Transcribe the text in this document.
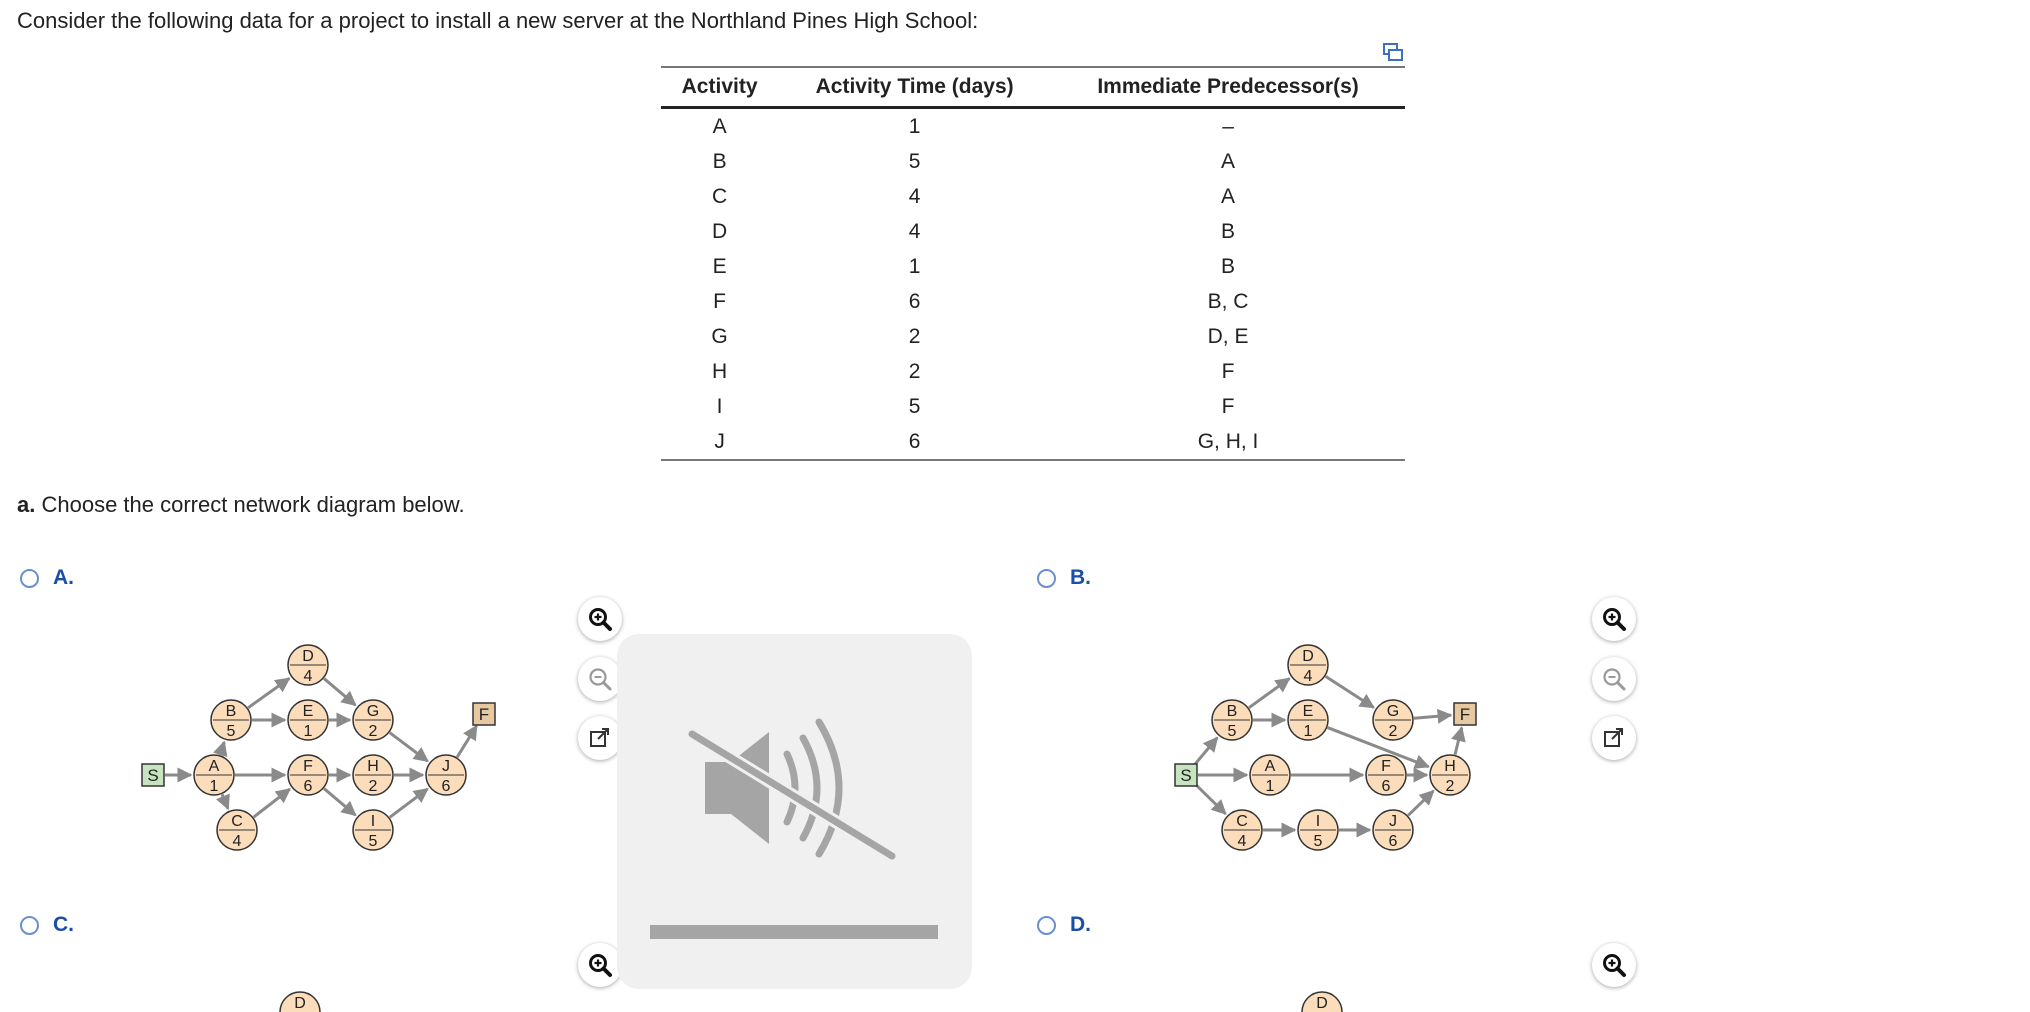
Consider the following data for a project to install a new server at the Northland Pines High School:
Activity	Activity Time (days)	Immediate Predecessor(s)
A	1	–
B	5	A
C	4	A
D	4	B
E	1	B
F	6	B, C
G	2	D, E
H	2	F
I	5	F
J	6	G, H, I
a. Choose the correct network diagram below.
A.	B.
C.	D.
S
F
A
1
B
5
C
4
D
4
E
1
F
6
G
2
H
2
I
5
J
6
S
F
A
1
B
5
C
4
D
4
E
1
F
6
G
2
H
2
I
5
J
6
D	D
